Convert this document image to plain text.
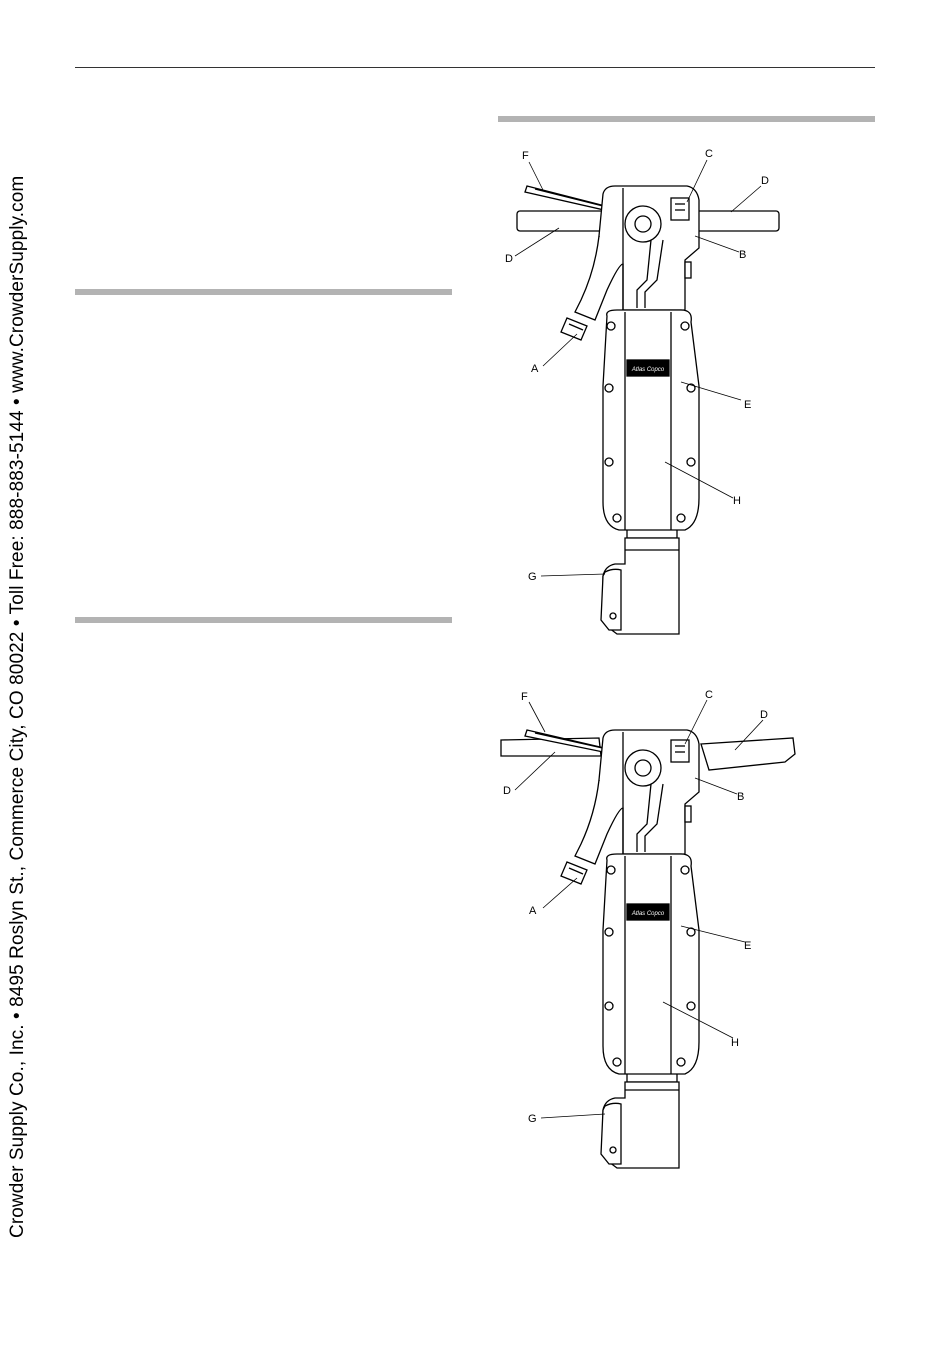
Crowder Supply Co., Inc. • 8495 Roslyn St., Commerce City, CO 80022 • Toll Free: 888-883-5144 • www.CrowderSupply.com	Atlas Copco
F	C
D
D	B
A
E
H
G
Atlas Copco
F	C
D
D	B
A
E
H
G
